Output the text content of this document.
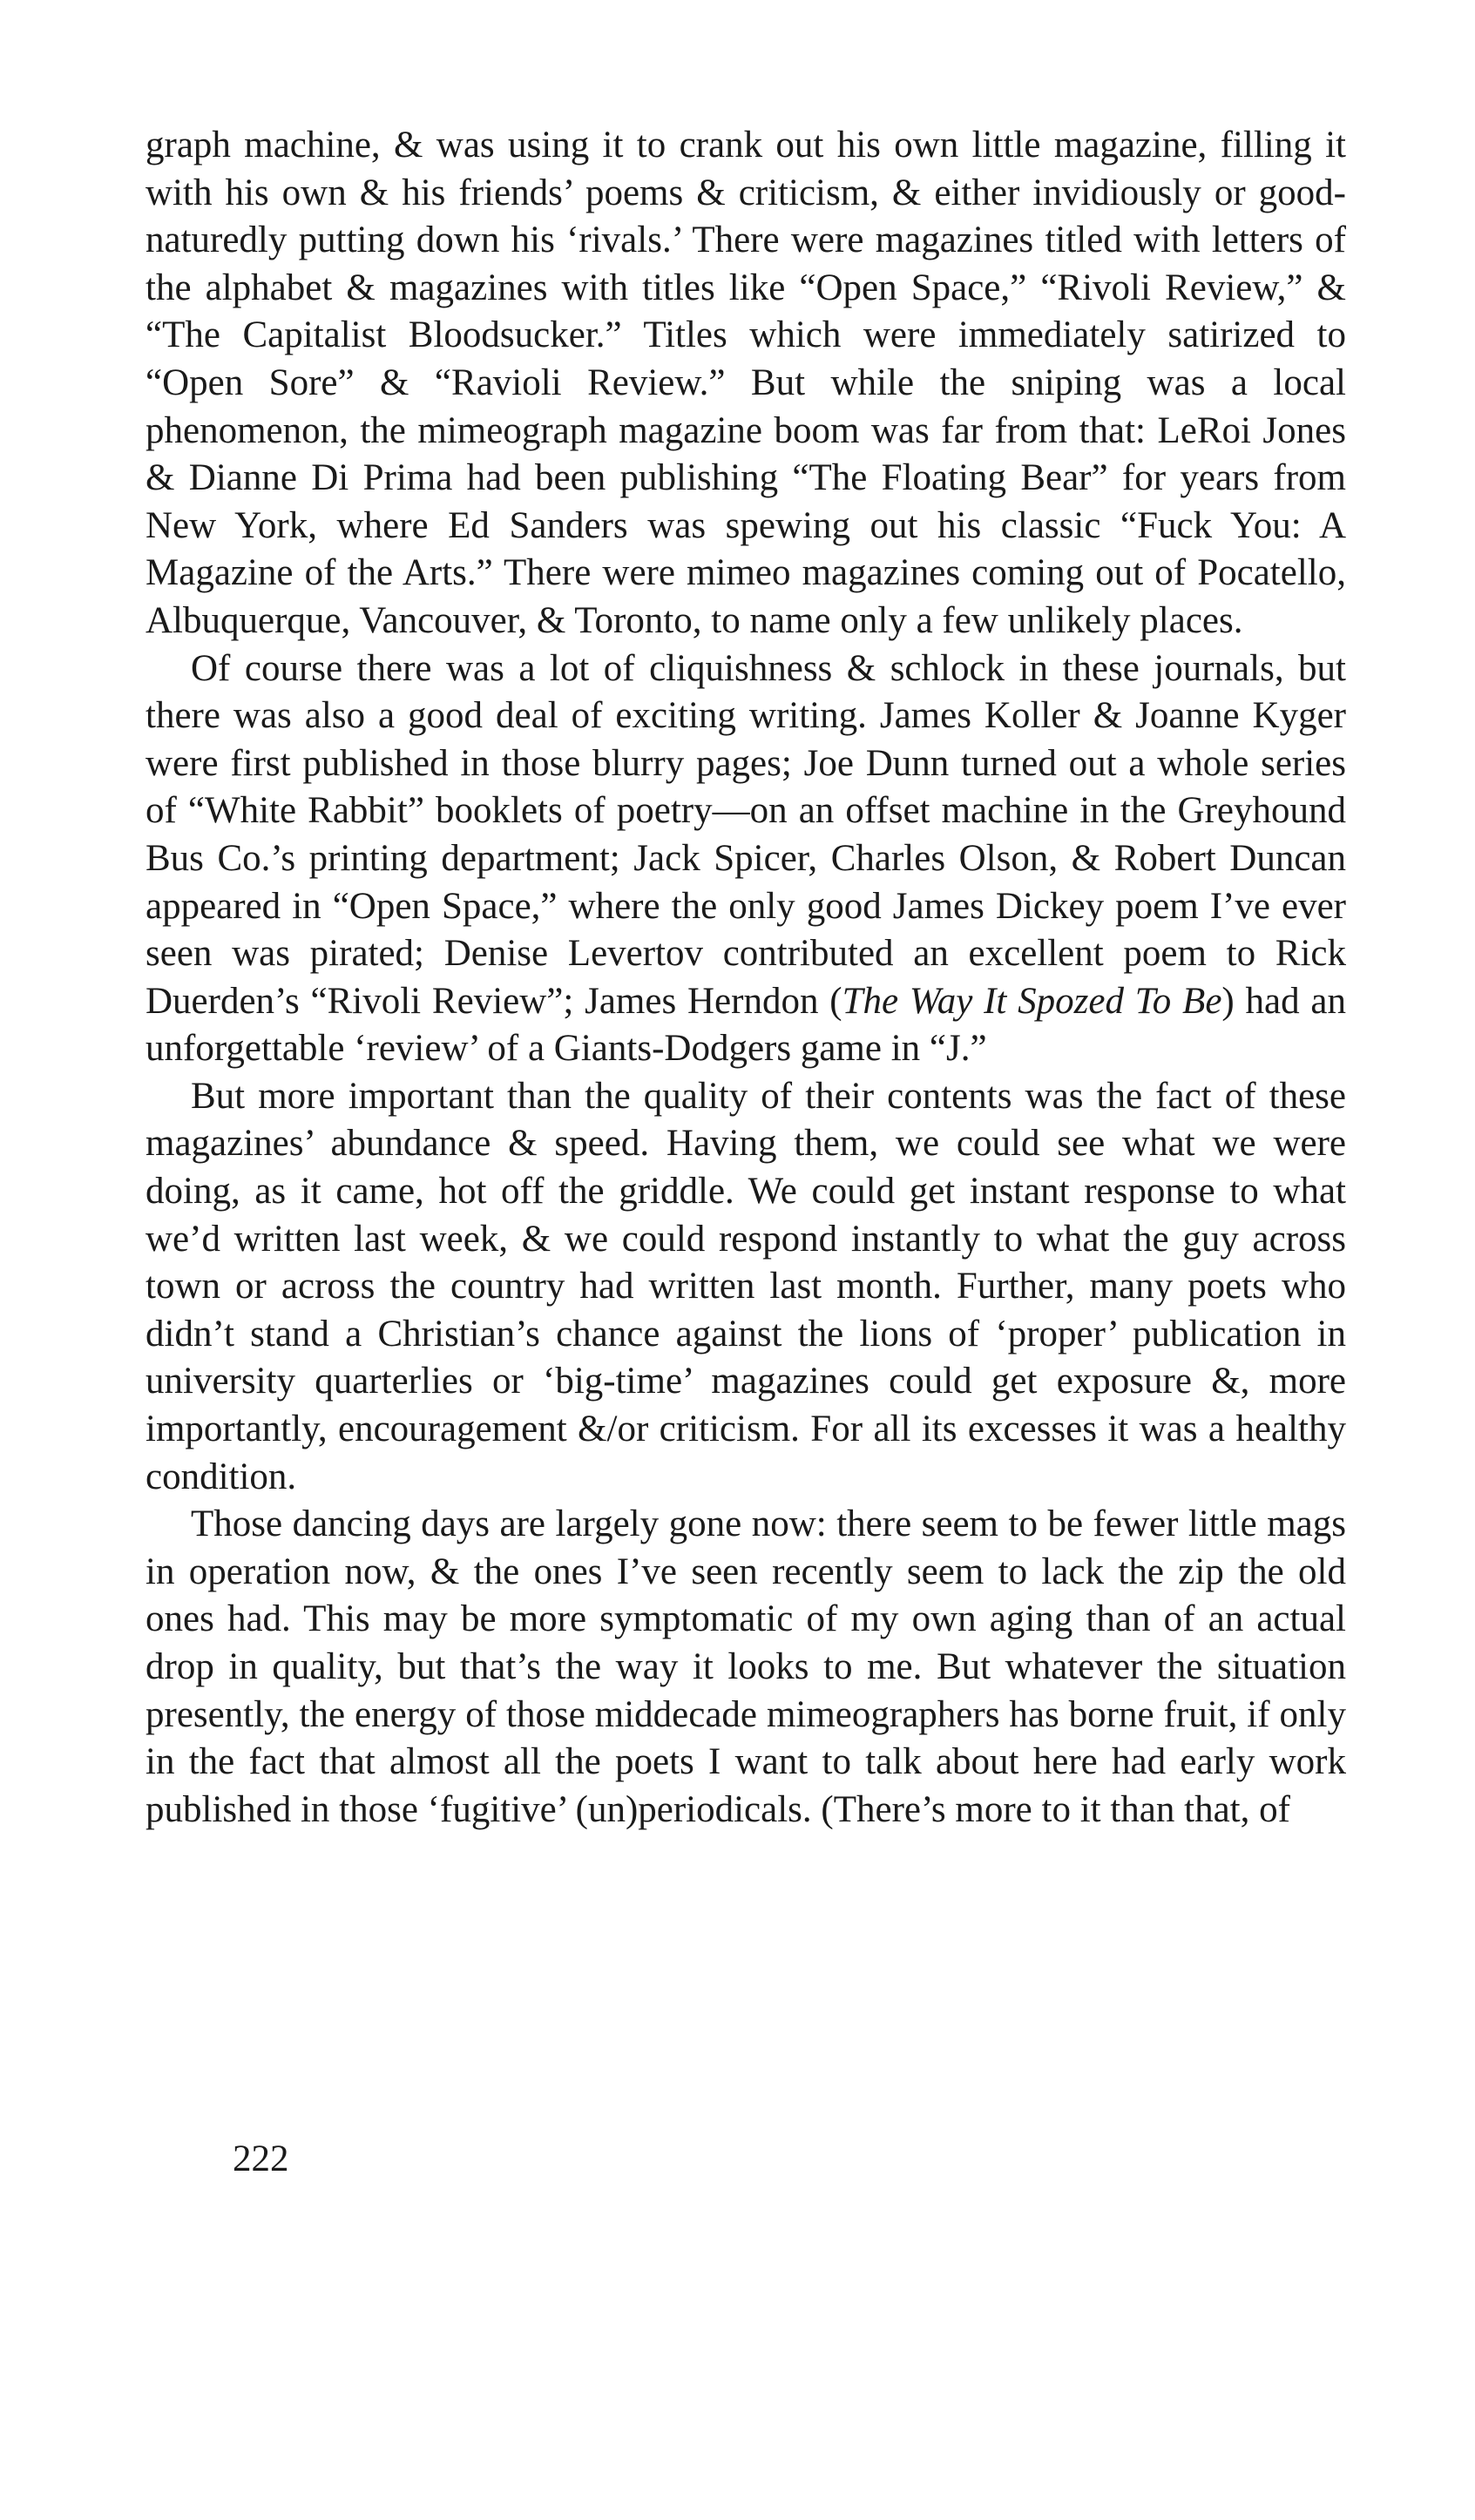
graph machine, & was using it to crank out his own little magazine, filling it with his own & his friends’ poems & criticism, & either invidiously or good-naturedly putting down his ‘rivals.’ There were magazines titled with letters of the alphabet & magazines with titles like “Open Space,” “Rivoli Review,” & “The Capitalist Bloodsucker.” Titles which were immediately satirized to “Open Sore” & “Ravioli Review.” But while the sniping was a local phenomenon, the mimeograph magazine boom was far from that: LeRoi Jones & Dianne Di Prima had been publishing “The Floating Bear” for years from New York, where Ed Sanders was spewing out his classic “Fuck You: A Magazine of the Arts.” There were mimeo magazines coming out of Pocatello, Albuquerque, Vancouver, & Toronto, to name only a few unlikely places.

Of course there was a lot of cliquishness & schlock in these journals, but there was also a good deal of exciting writing. James Koller & Joanne Kyger were first published in those blurry pages; Joe Dunn turned out a whole series of “White Rabbit” booklets of poetry—on an offset machine in the Greyhound Bus Co.’s printing department; Jack Spicer, Charles Olson, & Robert Duncan appeared in “Open Space,” where the only good James Dickey poem I’ve ever seen was pirated; Denise Levertov contributed an excellent poem to Rick Duerden’s “Rivoli Review”; James Herndon (The Way It Spozed To Be) had an unforgettable ‘review’ of a Giants-Dodgers game in “J.”

But more important than the quality of their contents was the fact of these magazines’ abundance & speed. Having them, we could see what we were doing, as it came, hot off the griddle. We could get instant response to what we’d written last week, & we could respond instantly to what the guy across town or across the country had written last month. Further, many poets who didn’t stand a Christian’s chance against the lions of ‘proper’ publication in university quarterlies or ‘big-time’ magazines could get exposure &, more importantly, encouragement &/or criticism. For all its excesses it was a healthy condition.

Those dancing days are largely gone now: there seem to be fewer little mags in operation now, & the ones I’ve seen recently seem to lack the zip the old ones had. This may be more symptomatic of my own aging than of an actual drop in quality, but that’s the way it looks to me. But whatever the situation presently, the energy of those middecade mimeographers has borne fruit, if only in the fact that almost all the poets I want to talk about here had early work published in those ‘fugitive’ (un)periodicals. (There’s more to it than that, of

222
